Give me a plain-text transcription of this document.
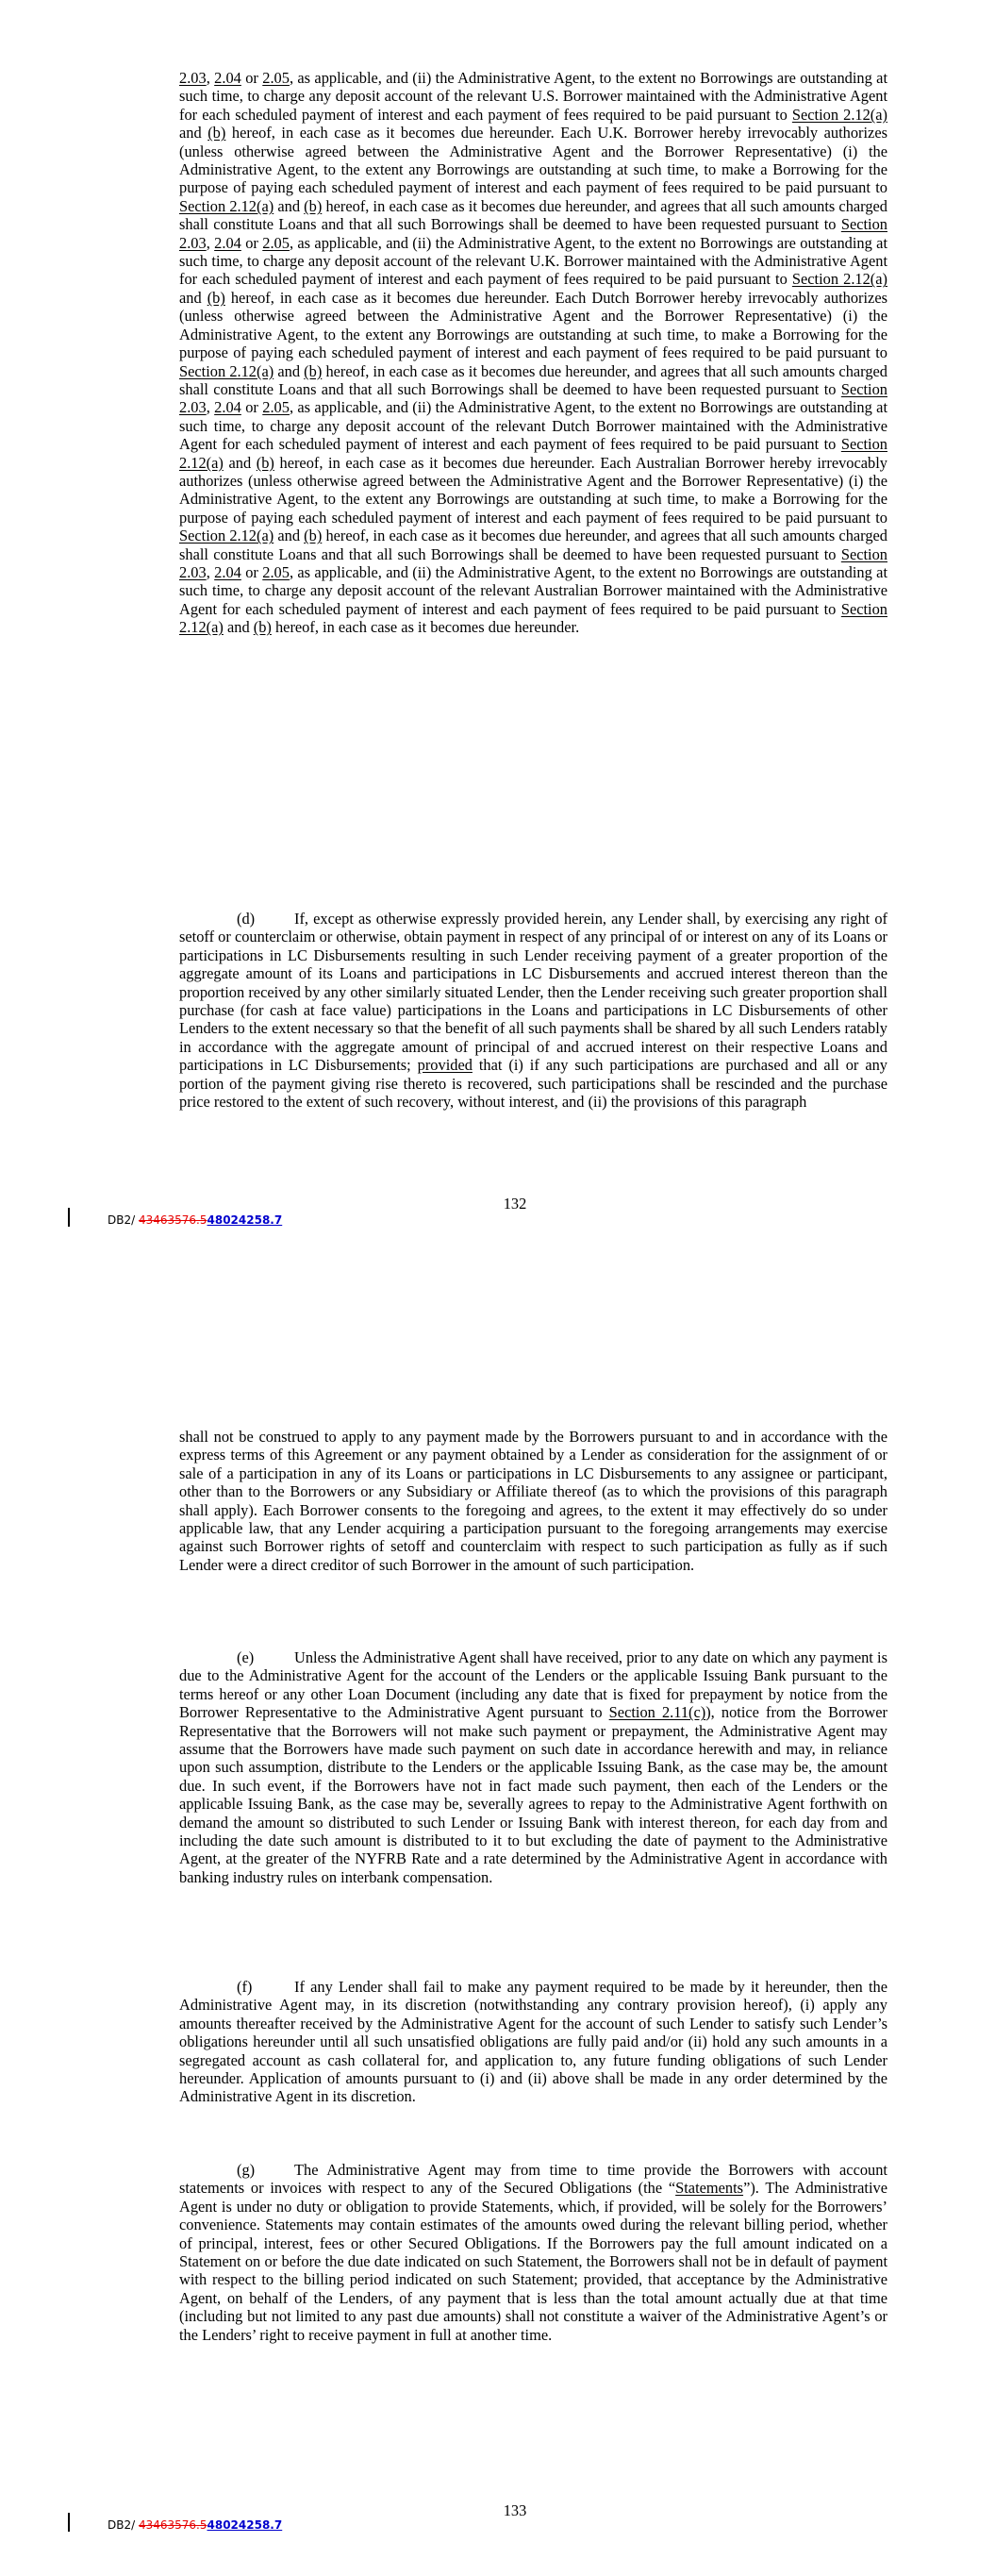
2.03, 2.04 or 2.05, as applicable, and (ii) the Administrative Agent, to the extent no Borrowings are outstanding at such time, to charge any deposit account of the relevant U.S. Borrower maintained with the Administrative Agent for each scheduled payment of interest and each payment of fees required to be paid pursuant to Section 2.12(a) and (b) hereof, in each case as it becomes due hereunder. Each U.K. Borrower hereby irrevocably authorizes (unless otherwise agreed between the Administrative Agent and the Borrower Representative) (i) the Administrative Agent, to the extent any Borrowings are outstanding at such time, to make a Borrowing for the purpose of paying each scheduled payment of interest and each payment of fees required to be paid pursuant to Section 2.12(a) and (b) hereof, in each case as it becomes due hereunder, and agrees that all such amounts charged shall constitute Loans and that all such Borrowings shall be deemed to have been requested pursuant to Section 2.03, 2.04 or 2.05, as applicable, and (ii) the Administrative Agent, to the extent no Borrowings are outstanding at such time, to charge any deposit account of the relevant U.K. Borrower maintained with the Administrative Agent for each scheduled payment of interest and each payment of fees required to be paid pursuant to Section 2.12(a) and (b) hereof, in each case as it becomes due hereunder. Each Dutch Borrower hereby irrevocably authorizes (unless otherwise agreed between the Administrative Agent and the Borrower Representative) (i) the Administrative Agent, to the extent any Borrowings are outstanding at such time, to make a Borrowing for the purpose of paying each scheduled payment of interest and each payment of fees required to be paid pursuant to Section 2.12(a) and (b) hereof, in each case as it becomes due hereunder, and agrees that all such amounts charged shall constitute Loans and that all such Borrowings shall be deemed to have been requested pursuant to Section 2.03, 2.04 or 2.05, as applicable, and (ii) the Administrative Agent, to the extent no Borrowings are outstanding at such time, to charge any deposit account of the relevant Dutch Borrower maintained with the Administrative Agent for each scheduled payment of interest and each payment of fees required to be paid pursuant to Section 2.12(a) and (b) hereof, in each case as it becomes due hereunder. Each Australian Borrower hereby irrevocably authorizes (unless otherwise agreed between the Administrative Agent and the Borrower Representative) (i) the Administrative Agent, to the extent any Borrowings are outstanding at such time, to make a Borrowing for the purpose of paying each scheduled payment of interest and each payment of fees required to be paid pursuant to Section 2.12(a) and (b) hereof, in each case as it becomes due hereunder, and agrees that all such amounts charged shall constitute Loans and that all such Borrowings shall be deemed to have been requested pursuant to Section 2.03, 2.04 or 2.05, as applicable, and (ii) the Administrative Agent, to the extent no Borrowings are outstanding at such time, to charge any deposit account of the relevant Australian Borrower maintained with the Administrative Agent for each scheduled payment of interest and each payment of fees required to be paid pursuant to Section 2.12(a) and (b) hereof, in each case as it becomes due hereunder.

(d)	If, except as otherwise expressly provided herein, any Lender shall, by exercising any right of setoff or counterclaim or otherwise, obtain payment in respect of any principal of or interest on any of its Loans or participations in LC Disbursements resulting in such Lender receiving payment of a greater proportion of the aggregate amount of its Loans and participations in LC Disbursements and accrued interest thereon than the proportion received by any other similarly situated Lender, then the Lender receiving such greater proportion shall purchase (for cash at face value) participations in the Loans and participations in LC Disbursements of other Lenders to the extent necessary so that the benefit of all such payments shall be shared by all such Lenders ratably in accordance with the aggregate amount of principal of and accrued interest on their respective Loans and participations in LC Disbursements; provided that (i) if any such participations are purchased and all or any portion of the payment giving rise thereto is recovered, such participations shall be rescinded and the purchase price restored to the extent of such recovery, without interest, and (ii) the provisions of this paragraph

132
DB2/ 43463576.548024258.7

shall not be construed to apply to any payment made by the Borrowers pursuant to and in accordance with the express terms of this Agreement or any payment obtained by a Lender as consideration for the assignment of or sale of a participation in any of its Loans or participations in LC Disbursements to any assignee or participant, other than to the Borrowers or any Subsidiary or Affiliate thereof (as to which the provisions of this paragraph shall apply). Each Borrower consents to the foregoing and agrees, to the extent it may effectively do so under applicable law, that any Lender acquiring a participation pursuant to the foregoing arrangements may exercise against such Borrower rights of setoff and counterclaim with respect to such participation as fully as if such Lender were a direct creditor of such Borrower in the amount of such participation.

(e)	Unless the Administrative Agent shall have received, prior to any date on which any payment is due to the Administrative Agent for the account of the Lenders or the applicable Issuing Bank pursuant to the terms hereof or any other Loan Document (including any date that is fixed for prepayment by notice from the Borrower Representative to the Administrative Agent pursuant to Section 2.11(c)), notice from the Borrower Representative that the Borrowers will not make such payment or prepayment, the Administrative Agent may assume that the Borrowers have made such payment on such date in accordance herewith and may, in reliance upon such assumption, distribute to the Lenders or the applicable Issuing Bank, as the case may be, the amount due. In such event, if the Borrowers have not in fact made such payment, then each of the Lenders or the applicable Issuing Bank, as the case may be, severally agrees to repay to the Administrative Agent forthwith on demand the amount so distributed to such Lender or Issuing Bank with interest thereon, for each day from and including the date such amount is distributed to it to but excluding the date of payment to the Administrative Agent, at the greater of the NYFRB Rate and a rate determined by the Administrative Agent in accordance with banking industry rules on interbank compensation.

(f)	If any Lender shall fail to make any payment required to be made by it hereunder, then the Administrative Agent may, in its discretion (notwithstanding any contrary provision hereof), (i) apply any amounts thereafter received by the Administrative Agent for the account of such Lender to satisfy such Lender’s obligations hereunder until all such unsatisfied obligations are fully paid and/or (ii) hold any such amounts in a segregated account as cash collateral for, and application to, any future funding obligations of such Lender hereunder. Application of amounts pursuant to (i) and (ii) above shall be made in any order determined by the Administrative Agent in its discretion.

(g)	The Administrative Agent may from time to time provide the Borrowers with account statements or invoices with respect to any of the Secured Obligations (the “Statements”). The Administrative Agent is under no duty or obligation to provide Statements, which, if provided, will be solely for the Borrowers’ convenience. Statements may contain estimates of the amounts owed during the relevant billing period, whether of principal, interest, fees or other Secured Obligations. If the Borrowers pay the full amount indicated on a Statement on or before the due date indicated on such Statement, the Borrowers shall not be in default of payment with respect to the billing period indicated on such Statement; provided, that acceptance by the Administrative Agent, on behalf of the Lenders, of any payment that is less than the total amount actually due at that time (including but not limited to any past due amounts) shall not constitute a waiver of the Administrative Agent’s or the Lenders’ right to receive payment in full at another time.

133
DB2/ 43463576.548024258.7
